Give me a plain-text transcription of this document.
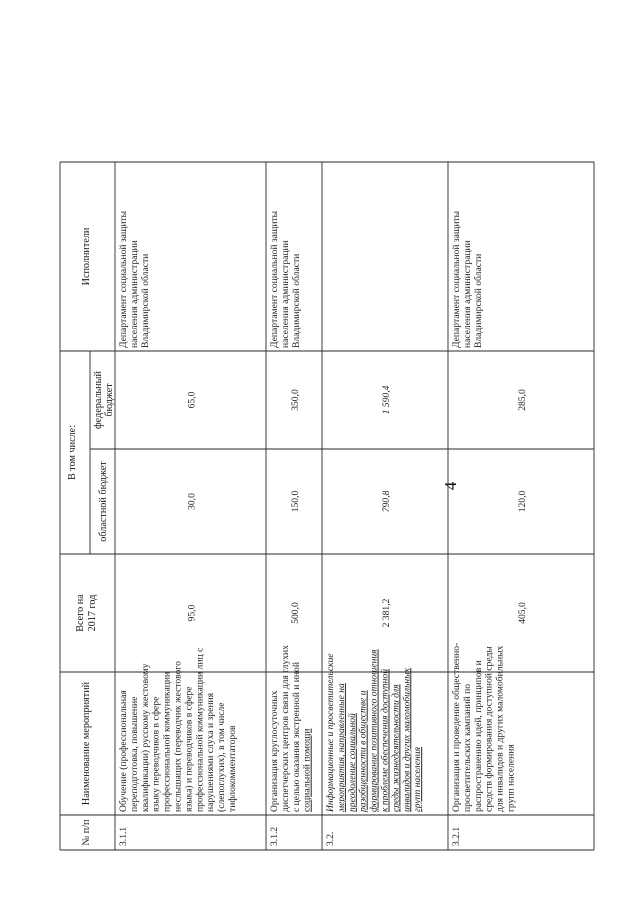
4
№ п/п
Наименование мероприятий
Всего на 2017 год
В том числе:
областной бюджет
федеральный бюджет
Исполнители
3.1.1
Обучение (профессиональная переподготовка, повышение квалификации) русскому жестовому языку переводчиков в сфере профессиональной коммуникации неслышащих (переводчик жестового языка) и переводчиков в сфере профессиональной коммуникации лиц с нарушениями слуха и зрения (слепоглухих), в том числе тифлокомментаторов
95,0
30,0
65,0
Департамент социальной защиты населения администрации Владимирской области
3.1.2
Организация круглосуточных диспетчерских центров связи для глухих с целью оказания экстренной и иной социальной помощи
500,0
150,0
350,0
Департамент социальной защиты населения администрации Владимирской области
3.2.
Информационные и просветительские мероприятия, направленные на преодоление социальной разобщенности в обществе и формирование позитивного отношения к проблеме обеспечения доступной среды жизнедеятельности для инвалидов и других маломобильных групп населения
2 381,2
790,8
1 590,4
3.2.1
Организация и проведение общественно- просветительских кампаний по распространению идей, принципов и средств формирования доступной среды для инвалидов и других маломобильных групп населения
405,0
120,0
285,0
Департамент социальной защиты населения администрации Владимирской области
